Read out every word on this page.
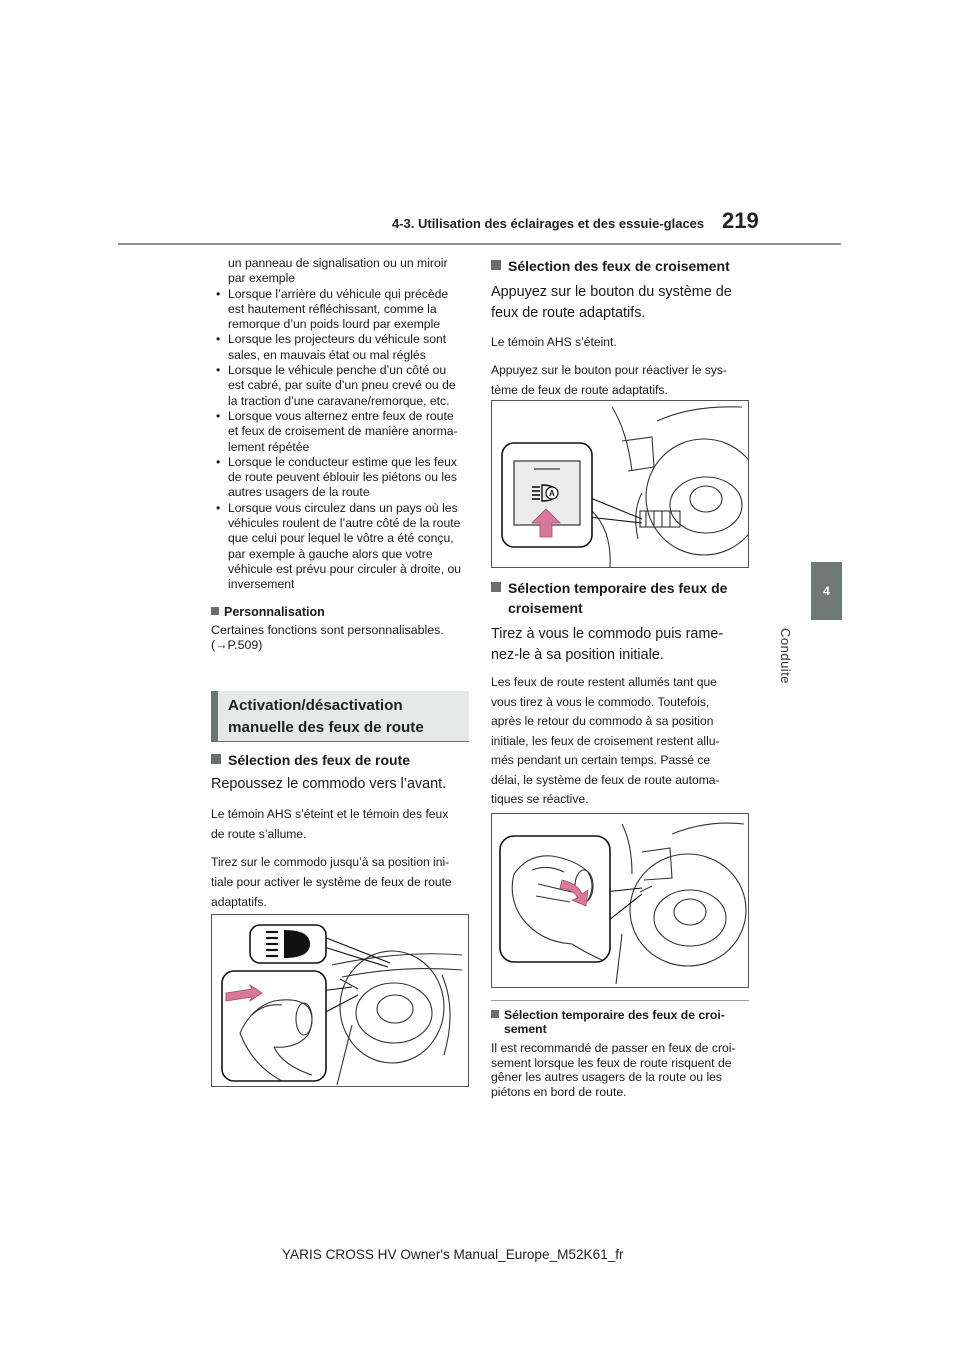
4-3. Utilisation des éclairages et des essuie-glaces 219
4
Conduite
un panneau de signalisation ou un miroir
par exemple
• Lorsque l’arrière du véhicule qui précède
est hautement réfléchissant, comme la
remorque d’un poids lourd par exemple
• Lorsque les projecteurs du véhicule sont
sales, en mauvais état ou mal réglés
• Lorsque le véhicule penche d’un côté ou
est cabré, par suite d’un pneu crevé ou de
la traction d’une caravane/remorque, etc.
• Lorsque vous alternez entre feux de route
et feux de croisement de manière anorma-
lement répétée
• Lorsque le conducteur estime que les feux
de route peuvent éblouir les piétons ou les
autres usagers de la route
• Lorsque vous circulez dans un pays où les
véhicules roulent de l’autre côté de la route
que celui pour lequel le vôtre a été conçu,
par exemple à gauche alors que votre
véhicule est prévu pour circuler à droite, ou
inversement

Personnalisation

Certaines fonctions sont personnalisables.

(→P.509)

Activation/désactivation

manuelle des feux de route

Sélection des feux de route

Repoussez le commodo vers l’avant.

Le témoin AHS s’éteint et le témoin des feux

de route s’allume.

Tirez sur le commodo jusqu’à sa position ini-

tiale pour activer le système de feux de route

adaptatifs.

Sélection des feux de croisement

Appuyez sur le bouton du système de

feux de route adaptatifs.

Le témoin AHS s’éteint.

Appuyez sur le bouton pour réactiver le sys-

tème de feux de route adaptatifs.

A

Sélection temporaire des feux de
croisement

Tirez à vous le commodo puis rame-

nez-le à sa position initiale.

Les feux de route restent allumés tant que

vous tirez à vous le commodo. Toutefois,

après le retour du commodo à sa position

initiale, les feux de croisement restent allu-

més pendant un certain temps. Passé ce

délai, le système de feux de route automa-

tiques se réactive.

Sélection temporaire des feux de croi-

sement

Il est recommandé de passer en feux de croi-

sement lorsque les feux de route risquent de

gêner les autres usagers de la route ou les

piétons en bord de route.

YARIS CROSS HV Owner's Manual_Europe_M52K61_fr
